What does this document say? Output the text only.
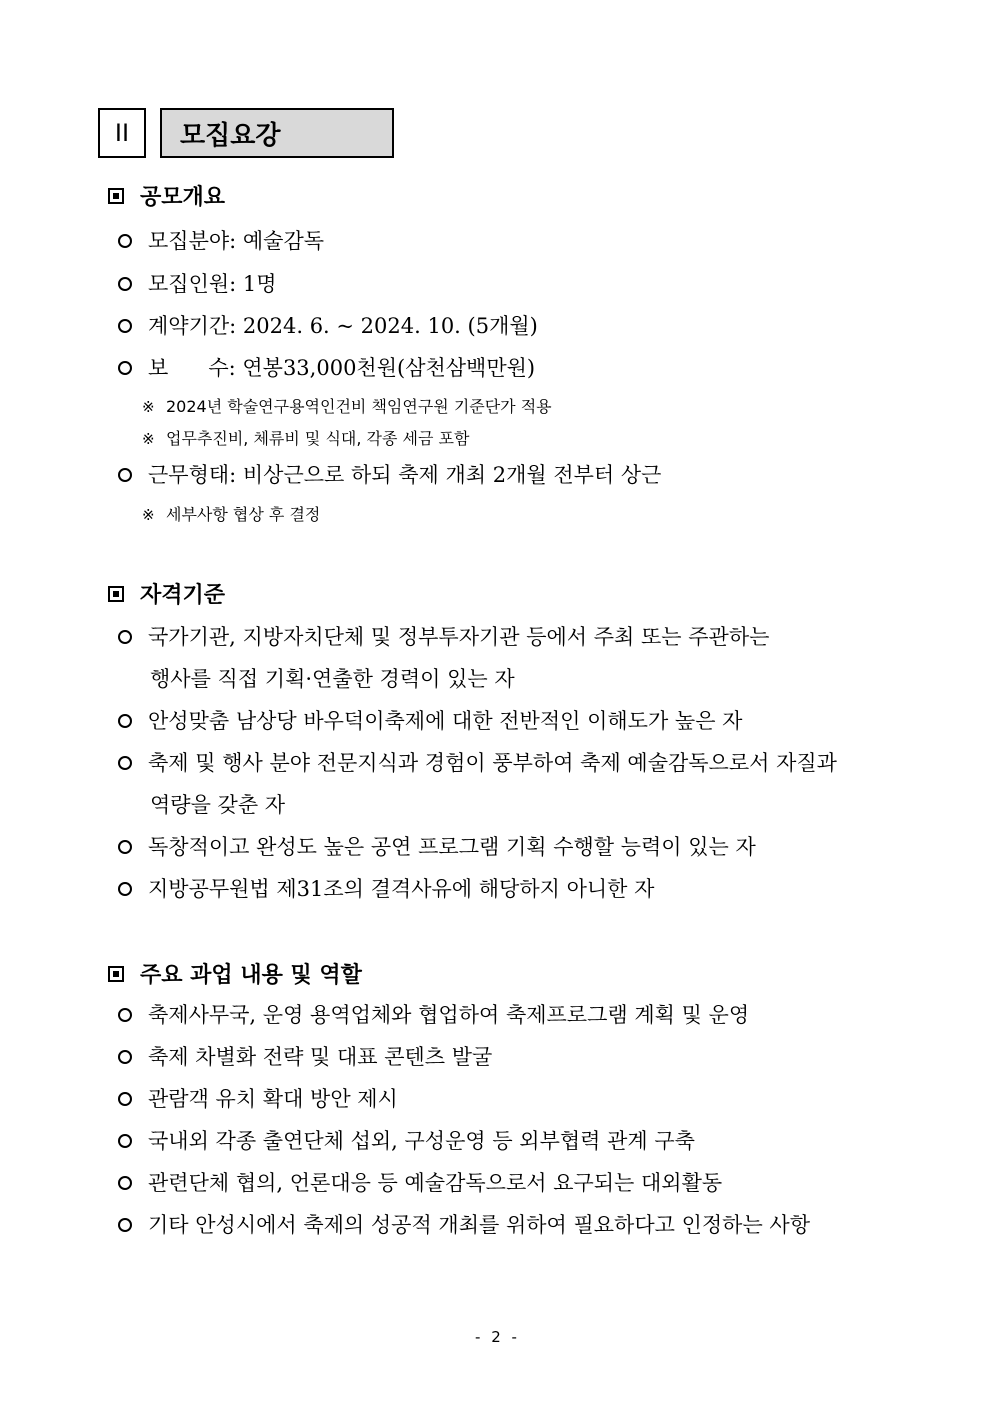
II	모집요강
공모개요
모집분야: 예술감독
모집인원: 1명
계약기간: 2024. 6. ~ 2024. 10. (5개월)
보      수: 연봉33,000천원(삼천삼백만원)
※ 2024년 학술연구용역인건비 책임연구원 기준단가 적용
※ 업무추진비, 체류비 및 식대, 각종 세금 포함
근무형태: 비상근으로 하되 축제 개최 2개월 전부터 상근
※ 세부사항 협상 후 결정
자격기준
국가기관, 지방자치단체 및 정부투자기관 등에서 주최 또는 주관하는
행사를 직접 기획·연출한 경력이 있는 자
안성맞춤 남상당 바우덕이축제에 대한 전반적인 이해도가 높은 자
축제 및 행사 분야 전문지식과 경험이 풍부하여 축제 예술감독으로서 자질과
역량을 갖춘 자
독창적이고 완성도 높은 공연 프로그램 기획 수행할 능력이 있는 자
지방공무원법 제31조의 결격사유에 해당하지 아니한 자
주요 과업 내용 및 역할
축제사무국, 운영 용역업체와 협업하여 축제프로그램 계획 및 운영
축제 차별화 전략 및 대표 콘텐츠 발굴
관람객 유치 확대 방안 제시
국내외 각종 출연단체 섭외, 구성운영 등 외부협력 관계 구축
관련단체 협의, 언론대응 등 예술감독으로서 요구되는 대외활동
기타 안성시에서 축제의 성공적 개최를 위하여 필요하다고 인정하는 사항
- 2 -
